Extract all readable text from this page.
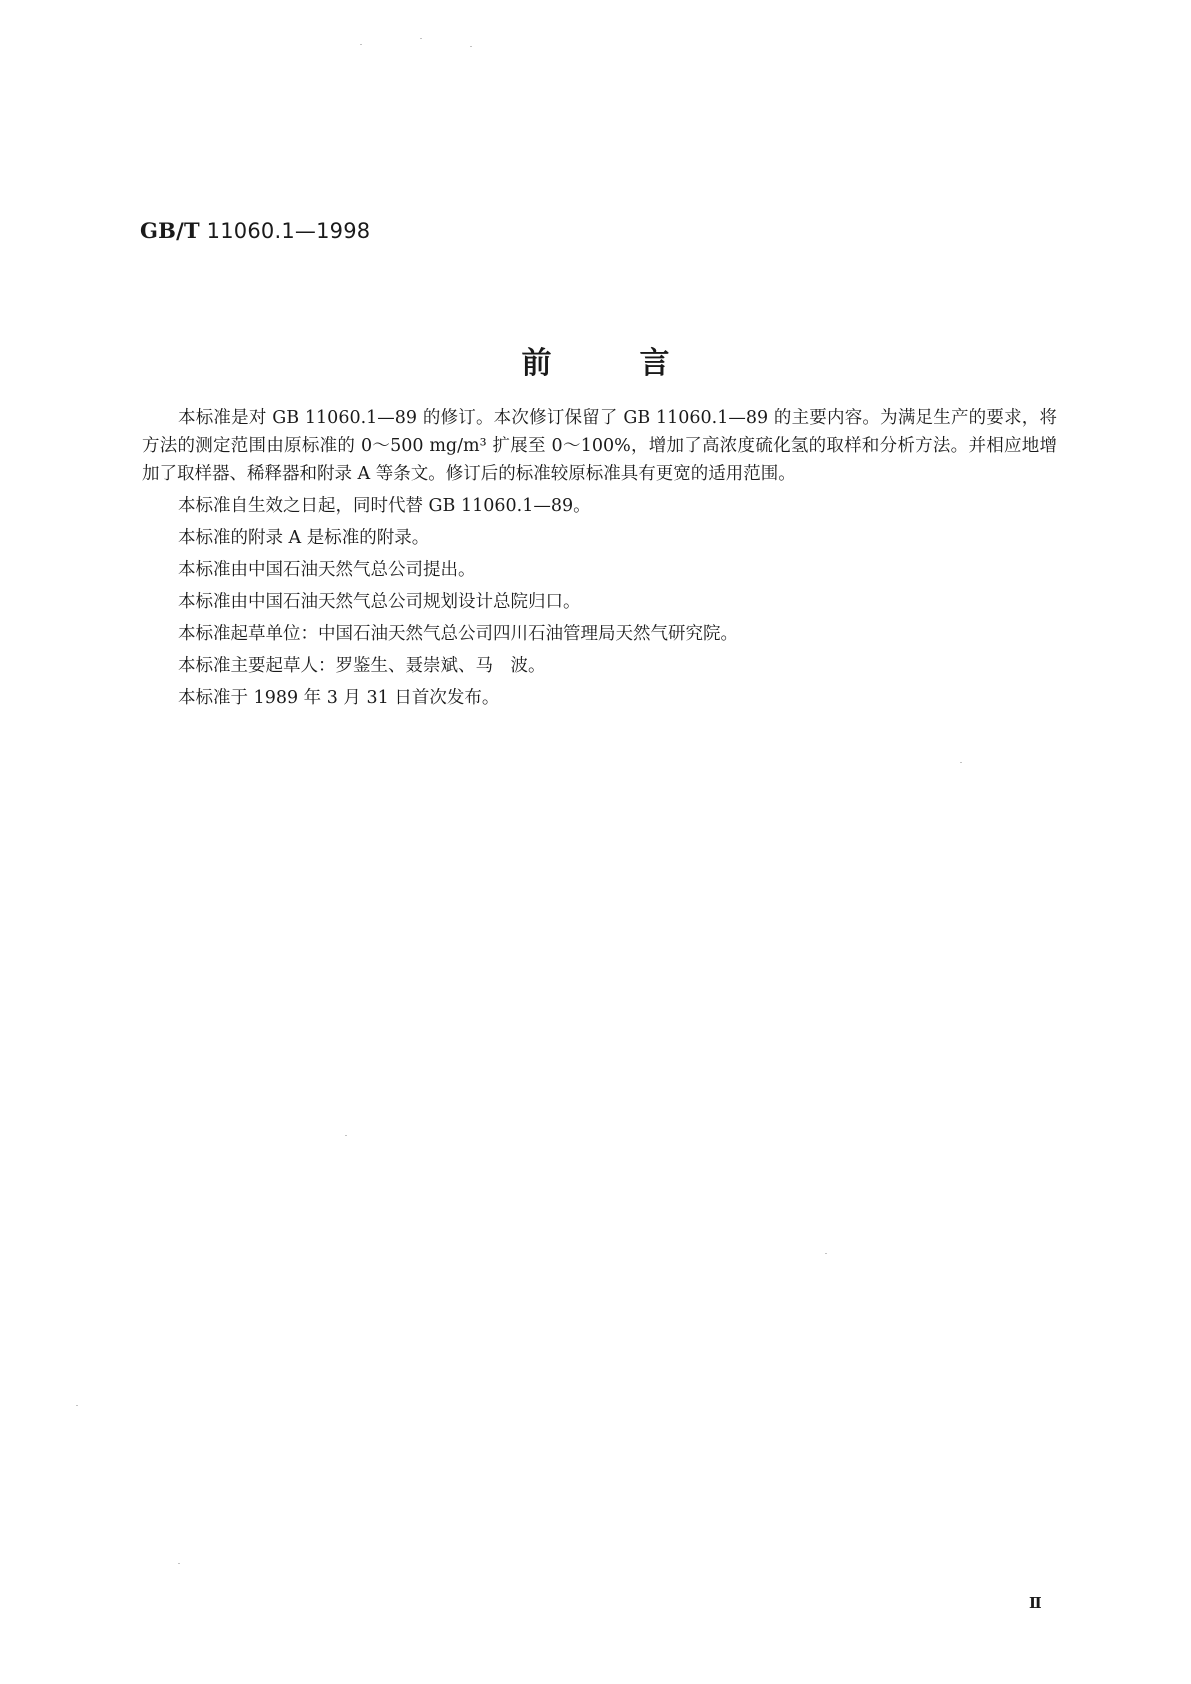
GB/T 11060.1—1998
前言

本标准是对 GB 11060.1—89 的修订。本次修订保留了 GB 11060.1—89 的主要内容。为满足生产的要求，将方法的测定范围由原标准的 0～500 mg/m³ 扩展至 0～100%，增加了高浓度硫化氢的取样和分析方法。并相应地增加了取样器、稀释器和附录 A 等条文。修订后的标准较原标准具有更宽的适用范围。

本标准自生效之日起，同时代替 GB 11060.1—89。

本标准的附录 A 是标准的附录。

本标准由中国石油天然气总公司提出。

本标准由中国石油天然气总公司规划设计总院归口。

本标准起草单位：中国石油天然气总公司四川石油管理局天然气研究院。

本标准主要起草人：罗鉴生、聂崇斌、马　波。

本标准于 1989 年 3 月 31 日首次发布。

Ⅱ
